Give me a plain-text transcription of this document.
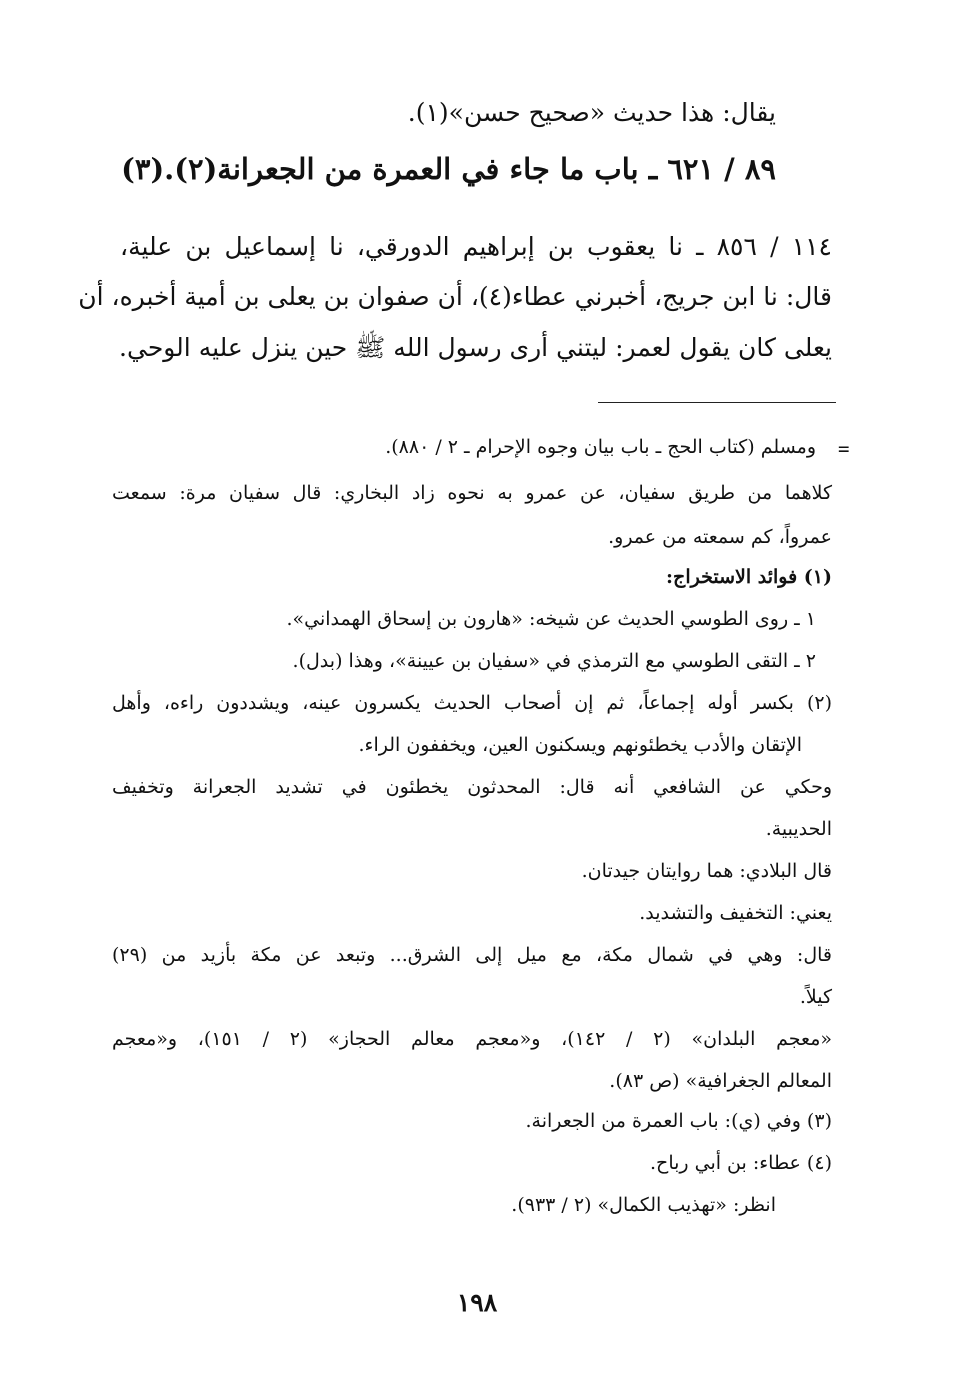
يقال: هذا حديث «صحيح حسن»(١).
٨٩ / ٦٢١ ـ باب ما جاء في العمرة من الجعرانة(٢).(٣)
١١٤ / ٨٥٦ ـ نا يعقوب بن إبراهيم الدورقي، نا إسماعيل بن علية،
قال: نا ابن جريج، أخبرني عطاء(٤)، أن صفوان بن يعلى بن أمية أخبره، أن
يعلى كان يقول لعمر: ليتني أرى رسول الله ﷺ حين ينزل عليه الوحي.
=
ومسلم (كتاب الحج ـ باب بيان وجوه الإحرام ـ ٢ / ٨٨٠).
كلاهما من طريق سفيان، عن عمرو به نحوه زاد البخاري: قال سفيان مرة: سمعت
عمرواً، كم سمعته من عمرو.
(١) فوائد الاستخراج:
١ ـ روى الطوسي الحديث عن شيخه: «هارون بن إسحاق الهمداني».
٢ ـ التقى الطوسي مع الترمذي في «سفيان بن عيينة»، وهذا (بدل).
(٢) بكسر أوله إجماعاً، ثم إن أصحاب الحديث يكسرون عينه، ويشددون راءه، وأهل
الإتقان والأدب يخطئونهم ويسكنون العين، ويخففون الراء.
وحكي عن الشافعي أنه قال: المحدثون يخطئون في تشديد الجعرانة وتخفيف
الحديبية.
قال البلادي: هما روايتان جيدتان.
يعني: التخفيف والتشديد.
قال: وهي في شمال مكة، مع ميل إلى الشرق... وتبعد عن مكة بأزيد من (٢٩)
كيلاً.
«معجم البلدان» (٢ / ١٤٢)، و«معجم معالم الحجاز» (٢ / ١٥١)، و«معجم
المعالم الجغرافية» (ص ٨٣).
(٣) وفي (ي): باب العمرة من الجعرانة.
(٤) عطاء: بن أبي رباح.
انظر: «تهذيب الكمال» (٢ / ٩٣٣).
١٩٨
